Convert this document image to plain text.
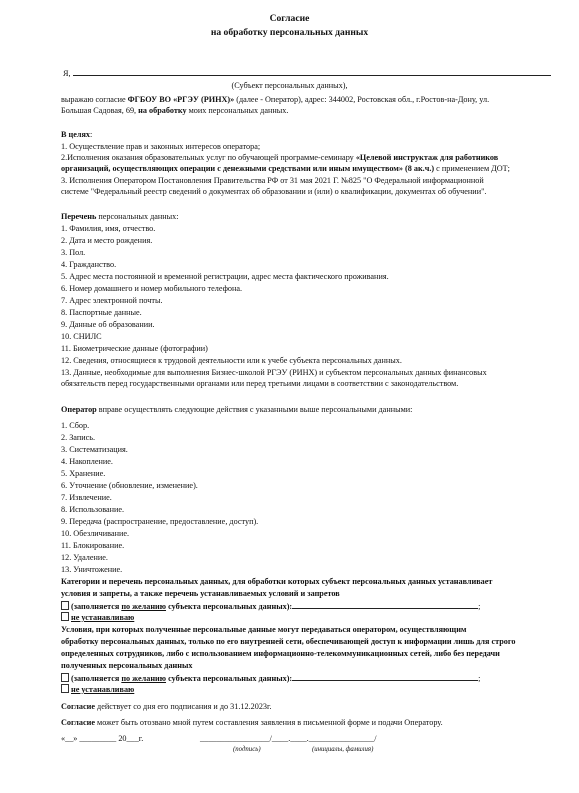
Согласие
на обработку персональных данных
Я,
(Субъект персональных данных),
выражаю согласие ФГБОУ ВО «РГЭУ (РИНХ)» (далее - Оператор), адрес: 344002, Ростовская обл., г.Ростов-на-Дону, ул.
Большая Садовая, 69, на обработку моих персональных данных.
В целях:
1. Осуществление прав и законных интересов оператора;
2.Исполнения оказания образовательных услуг по обучающей программе-семинару «Целевой инструктаж для работников
организаций, осуществляющих операции с денежными средствами или иным имуществом» (8 ак.ч.) с применением ДОТ;
3. Исполнения Оператором Постановления Правительства РФ от 31 мая 2021 Г. №825 "О Федеральной информационной
системе "Федеральный реестр сведений о документах об образовании и (или) о квалификации, документах об обучении".
Перечень персональных данных:
1. Фамилия, имя, отчество.
2. Дата и место рождения.
3. Пол.
4. Гражданство.
5. Адрес места постоянной и временной регистрации, адрес места фактического проживания.
6. Номер домашнего и номер мобильного телефона.
7. Адрес электронной почты.
8. Паспортные данные.
9. Данные об образовании.
10. СНИЛС
11. Биометрические данные (фотографии)
12. Сведения, относящиеся к трудовой деятельности или к учебе субъекта персональных данных.
13. Данные, необходимые для выполнения Бизнес-школой РГЭУ (РИНХ) и субъектом персональных данных финансовых
обязательств перед государственными органами или перед третьими лицами в соответствии с законодательством.
Оператор вправе осуществлять следующие действия с указанными выше персональными данными:
1. Сбор.
2. Запись.
3. Систематизация.
4. Накопление.
5. Хранение.
6. Уточнение (обновление, изменение).
7. Извлечение.
8. Использование.
9. Передача (распространение, предоставление, доступ).
10. Обезличивание.
11. Блокирование.
12. Удаление.
13. Уничтожение.
Категории и перечень персональных данных, для обработки которых субъект персональных данных устанавливает
условия и запреты, а также перечень устанавливаемых условий и запретов
(заполняется по желанию субъекта персональных данных):	;
не устанавливаю
Условия, при которых полученные персональные данные могут передаваться оператором, осуществляющим
обработку персональных данных, только по его внутренней сети, обеспечивающей доступ к информации лишь для строго
определенных сотрудников, либо с использованием информационно-телекоммуникационных сетей, либо без передачи
полученных персональных данных
(заполняется по желанию субъекта персональных данных):	;
не устанавливаю
Согласие действует со дня его подписания и до 31.12.2023г.
Согласие может быть отозвано мной путем составления заявления в письменной форме и подачи Оператору.
«__» _________ 20___г.	_________________/____.____.________________/
(подпись)	(инициалы, фамилия)
